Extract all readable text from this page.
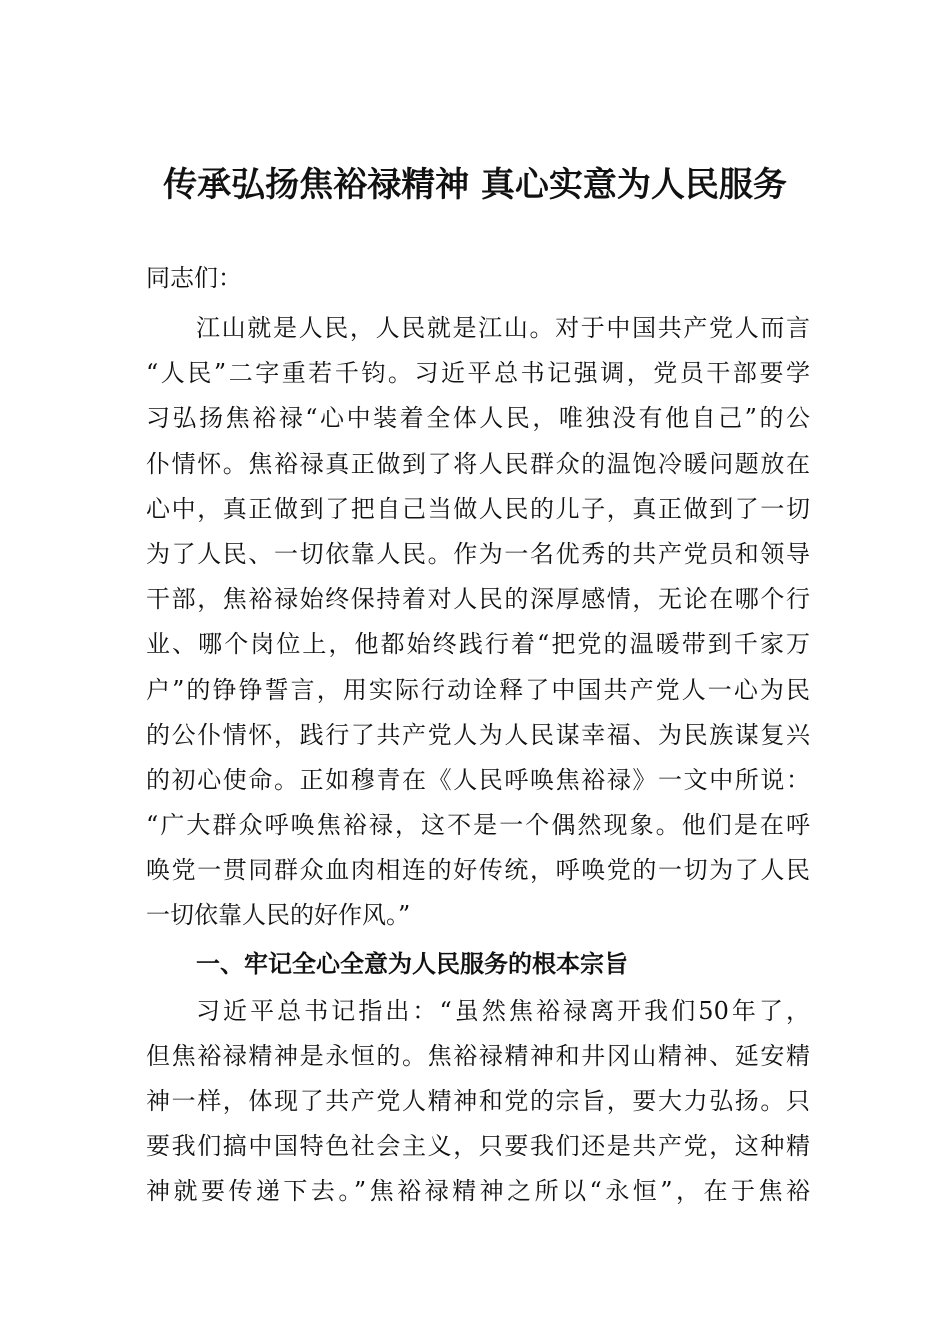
传承弘扬焦裕禄精神 真心实意为人民服务
同志们：
江山就是人民，人民就是江山。对于中国共产党人而言
“人民”二字重若千钧。习近平总书记强调，党员干部要学
习弘扬焦裕禄“心中装着全体人民，唯独没有他自己”的公
仆情怀。焦裕禄真正做到了将人民群众的温饱冷暖问题放在
心中，真正做到了把自己当做人民的儿子，真正做到了一切
为了人民、一切依靠人民。作为一名优秀的共产党员和领导
干部，焦裕禄始终保持着对人民的深厚感情，无论在哪个行
业、哪个岗位上，他都始终践行着“把党的温暖带到千家万
户”的铮铮誓言，用实际行动诠释了中国共产党人一心为民
的公仆情怀，践行了共产党人为人民谋幸福、为民族谋复兴
的初心使命。正如穆青在《人民呼唤焦裕禄》一文中所说：
“广大群众呼唤焦裕禄，这不是一个偶然现象。他们是在呼
唤党一贯同群众血肉相连的好传统，呼唤党的一切为了人民
一切依靠人民的好作风。”
一、牢记全心全意为人民服务的根本宗旨
习近平总书记指出：“虽然焦裕禄离开我们50年了，
但焦裕禄精神是永恒的。焦裕禄精神和井冈山精神、延安精
神一样，体现了共产党人精神和党的宗旨，要大力弘扬。只
要我们搞中国特色社会主义，只要我们还是共产党，这种精
神就要传递下去。”焦裕禄精神之所以“永恒”，在于焦裕
